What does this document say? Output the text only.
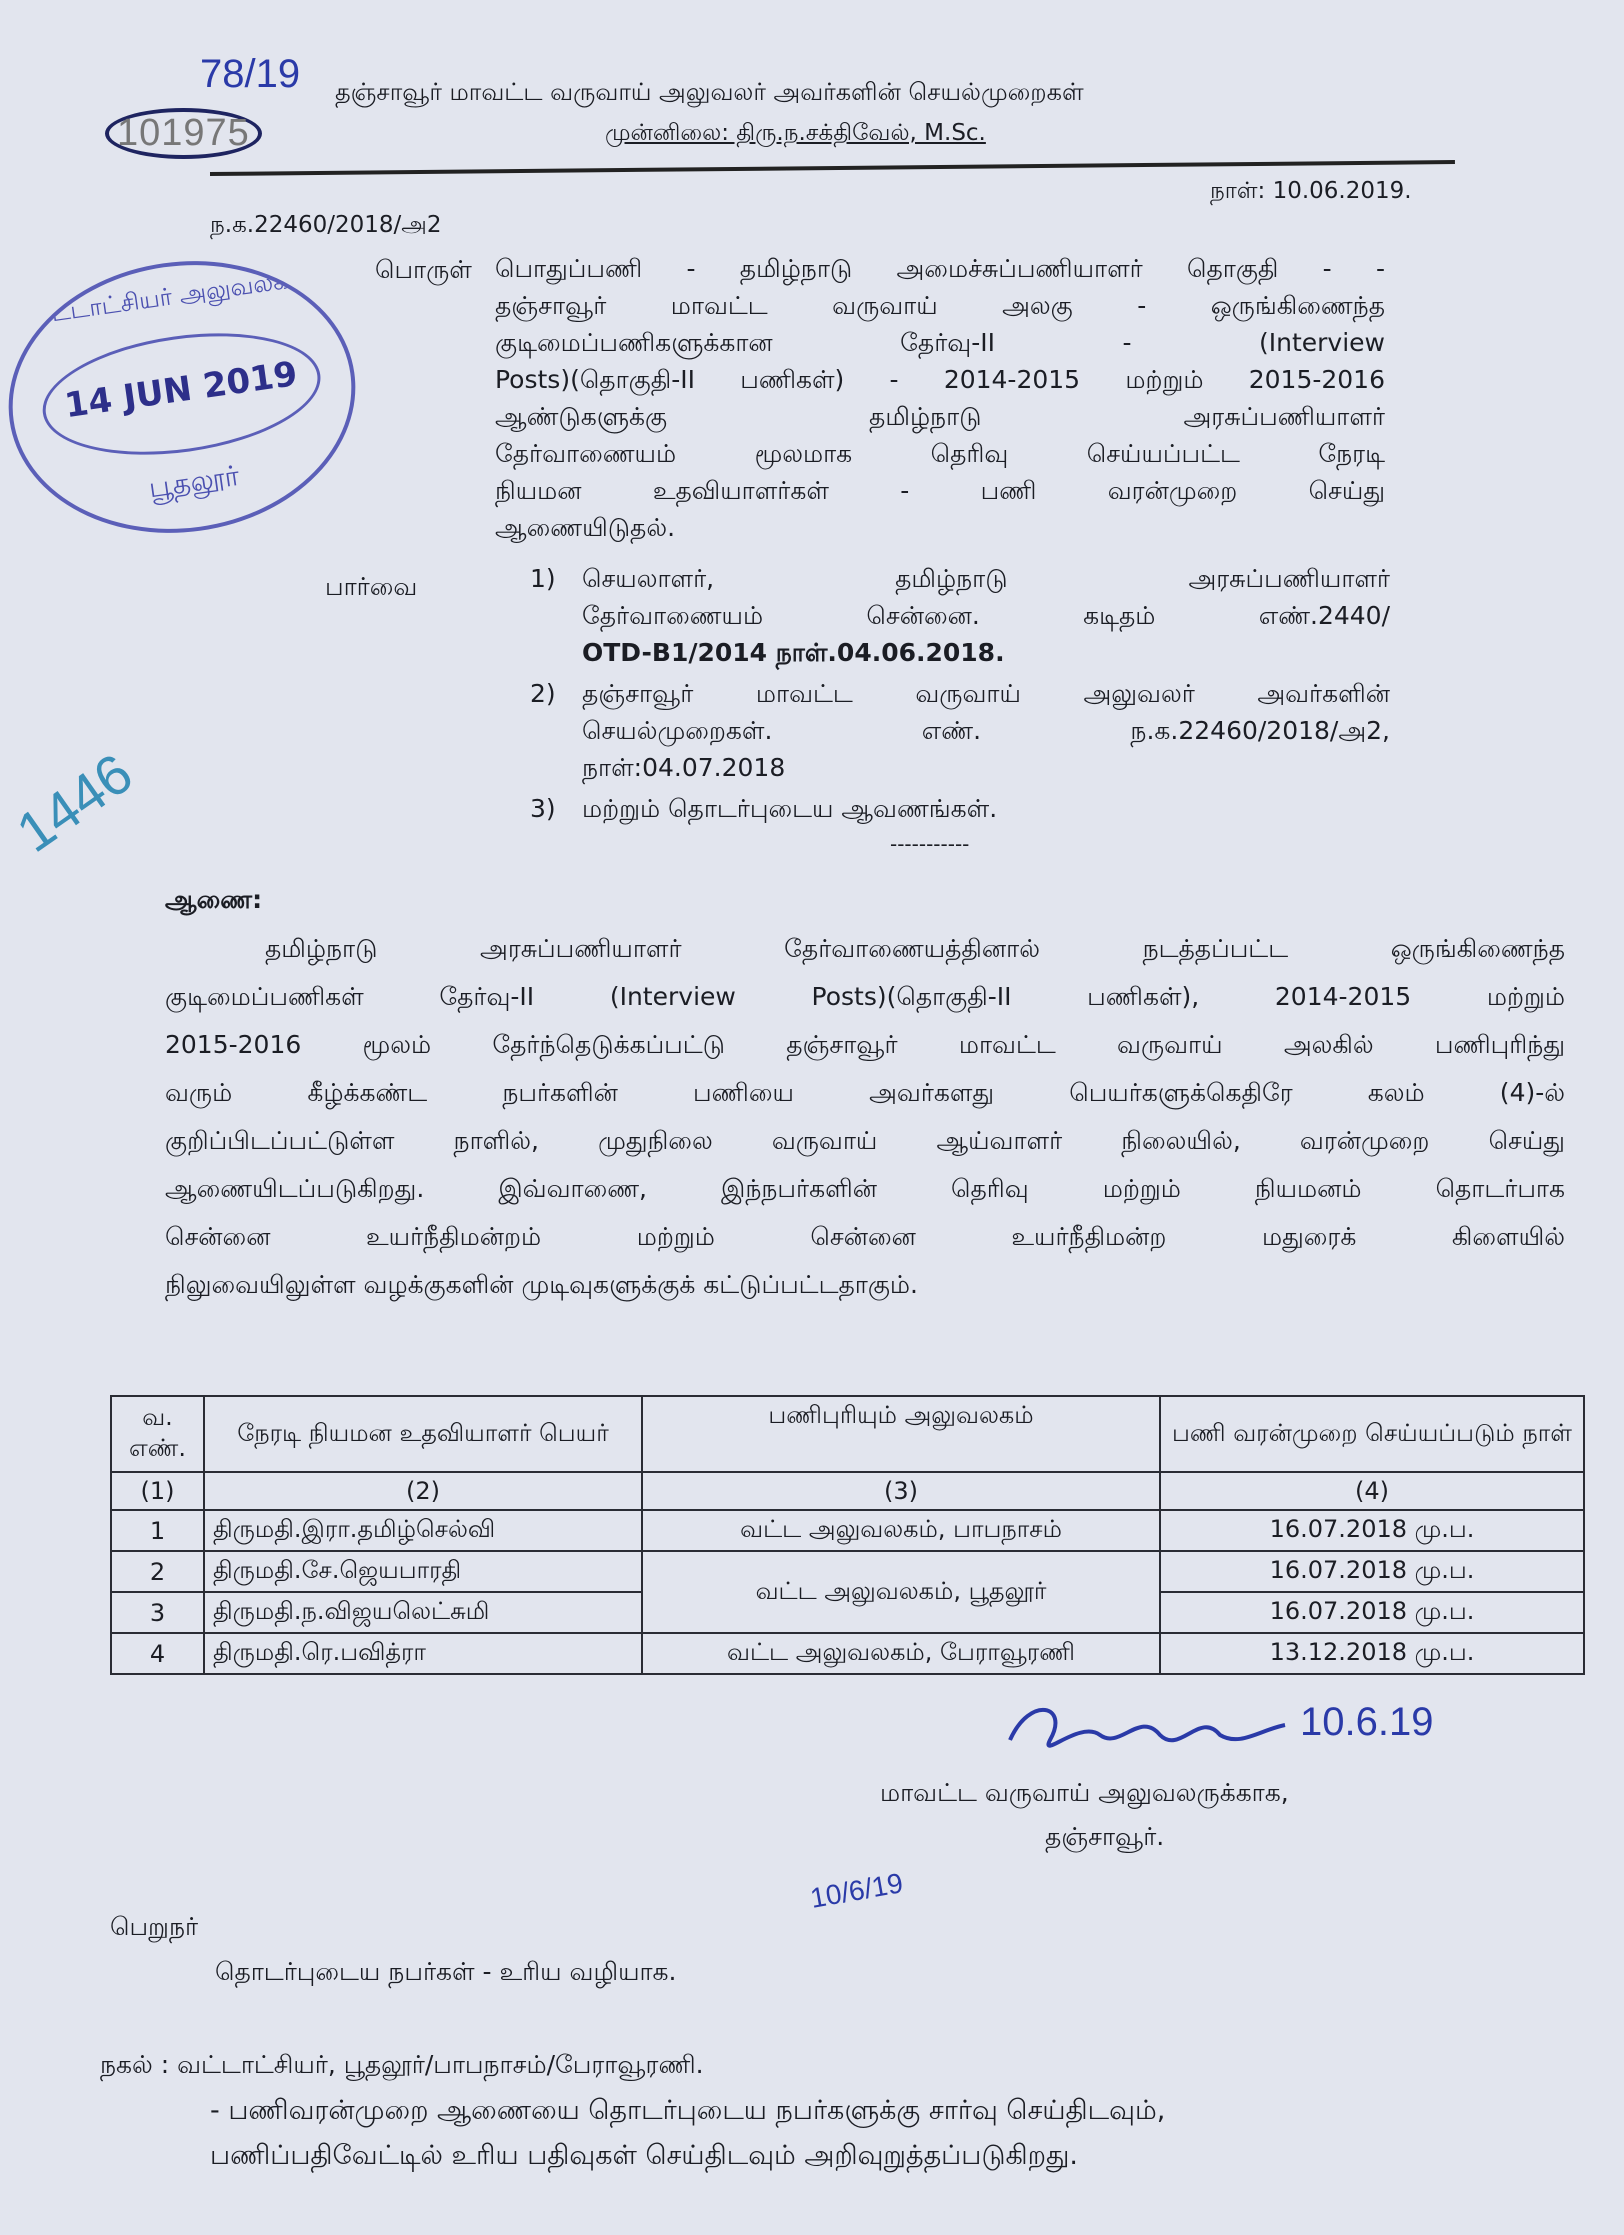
78/19
101975
தஞ்சாவூர் மாவட்ட வருவாய் அலுவலர் அவர்களின் செயல்முறைகள்
முன்னிலை: திரு.ந.சக்திவேல், M.Sc.
நாள்: 10.06.2019.
ந.க.22460/2018/அ2
வட்டாட்சியர் அலுவலகம்
14 JUN 2019
பூதலூர்
பொருள் பொதுப்பணி - தமிழ்நாடு அமைச்சுப்பணியாளர் தொகுதி - -
தஞ்சாவூர் மாவட்ட வருவாய் அலகு - ஒருங்கிணைந்த
குடிமைப்பணிகளுக்கான தேர்வு-II - (Interview
Posts)(தொகுதி-II பணிகள்) - 2014-2015 மற்றும் 2015-2016
ஆண்டுகளுக்கு தமிழ்நாடு அரசுப்பணியாளர்
தேர்வாணையம் மூலமாக தெரிவு செய்யப்பட்ட நேரடி
நியமன உதவியாளர்கள் - பணி வரன்முறை செய்து
ஆணையிடுதல்.
பார்வை	1) செயலாளர், தமிழ்நாடு அரசுப்பணியாளர்
தேர்வாணையம் சென்னை. கடிதம் எண்.2440/
OTD-B1/2014 நாள்.04.06.2018.
2) தஞ்சாவூர் மாவட்ட வருவாய் அலுவலர் அவர்களின்
செயல்முறைகள். எண். ந.க.22460/2018/அ2,
நாள்:04.07.2018
3) மற்றும் தொடர்புடைய ஆவணங்கள்.
-----------
1446
ஆணை:
தமிழ்நாடு அரசுப்பணியாளர் தேர்வாணையத்தினால் நடத்தப்பட்ட ஒருங்கிணைந்த
குடிமைப்பணிகள் தேர்வு-II (Interview Posts)(தொகுதி-II பணிகள்), 2014-2015 மற்றும்
2015-2016 மூலம் தேர்ந்தெடுக்கப்பட்டு தஞ்சாவூர் மாவட்ட வருவாய் அலகில் பணிபுரிந்து
வரும் கீழ்க்கண்ட நபர்களின் பணியை அவர்களது பெயர்களுக்கெதிரே கலம் (4)-ல்
குறிப்பிடப்பட்டுள்ள நாளில், முதுநிலை வருவாய் ஆய்வாளர் நிலையில், வரன்முறை செய்து
ஆணையிடப்படுகிறது. இவ்வாணை, இந்நபர்களின் தெரிவு மற்றும் நியமனம் தொடர்பாக
சென்னை உயர்நீதிமன்றம் மற்றும் சென்னை உயர்நீதிமன்ற மதுரைக் கிளையில்
நிலுவையிலுள்ள வழக்குகளின் முடிவுகளுக்குக் கட்டுப்பட்டதாகும்.
வ. எண்.	நேரடி நியமன உதவியாளர் பெயர்	பணிபுரியும் அலுவலகம்	பணி வரன்முறை செய்யப்படும் நாள்
(1)	(2)	(3)	(4)
1	திருமதி.இரா.தமிழ்செல்வி	வட்ட அலுவலகம், பாபநாசம்	16.07.2018 மு.ப.
2	திருமதி.சே.ஜெயபாரதி	வட்ட அலுவலகம், பூதலூர்	16.07.2018 மு.ப.
3	திருமதி.ந.விஜயலெட்சுமி		16.07.2018 மு.ப.
4	திருமதி.ரெ.பவித்ரா	வட்ட அலுவலகம், பேராவூரணி	13.12.2018 மு.ப.
10.6.19
மாவட்ட வருவாய் அலுவலருக்காக,
தஞ்சாவூர்.
10/6/19
பெறுநர்
தொடர்புடைய நபர்கள் - உரிய வழியாக.
நகல் : வட்டாட்சியர், பூதலூர்/பாபநாசம்/பேராவூரணி.
- பணிவரன்முறை ஆணையை தொடர்புடைய நபர்களுக்கு சார்வு செய்திடவும்,
பணிப்பதிவேட்டில் உரிய பதிவுகள் செய்திடவும் அறிவுறுத்தப்படுகிறது.
